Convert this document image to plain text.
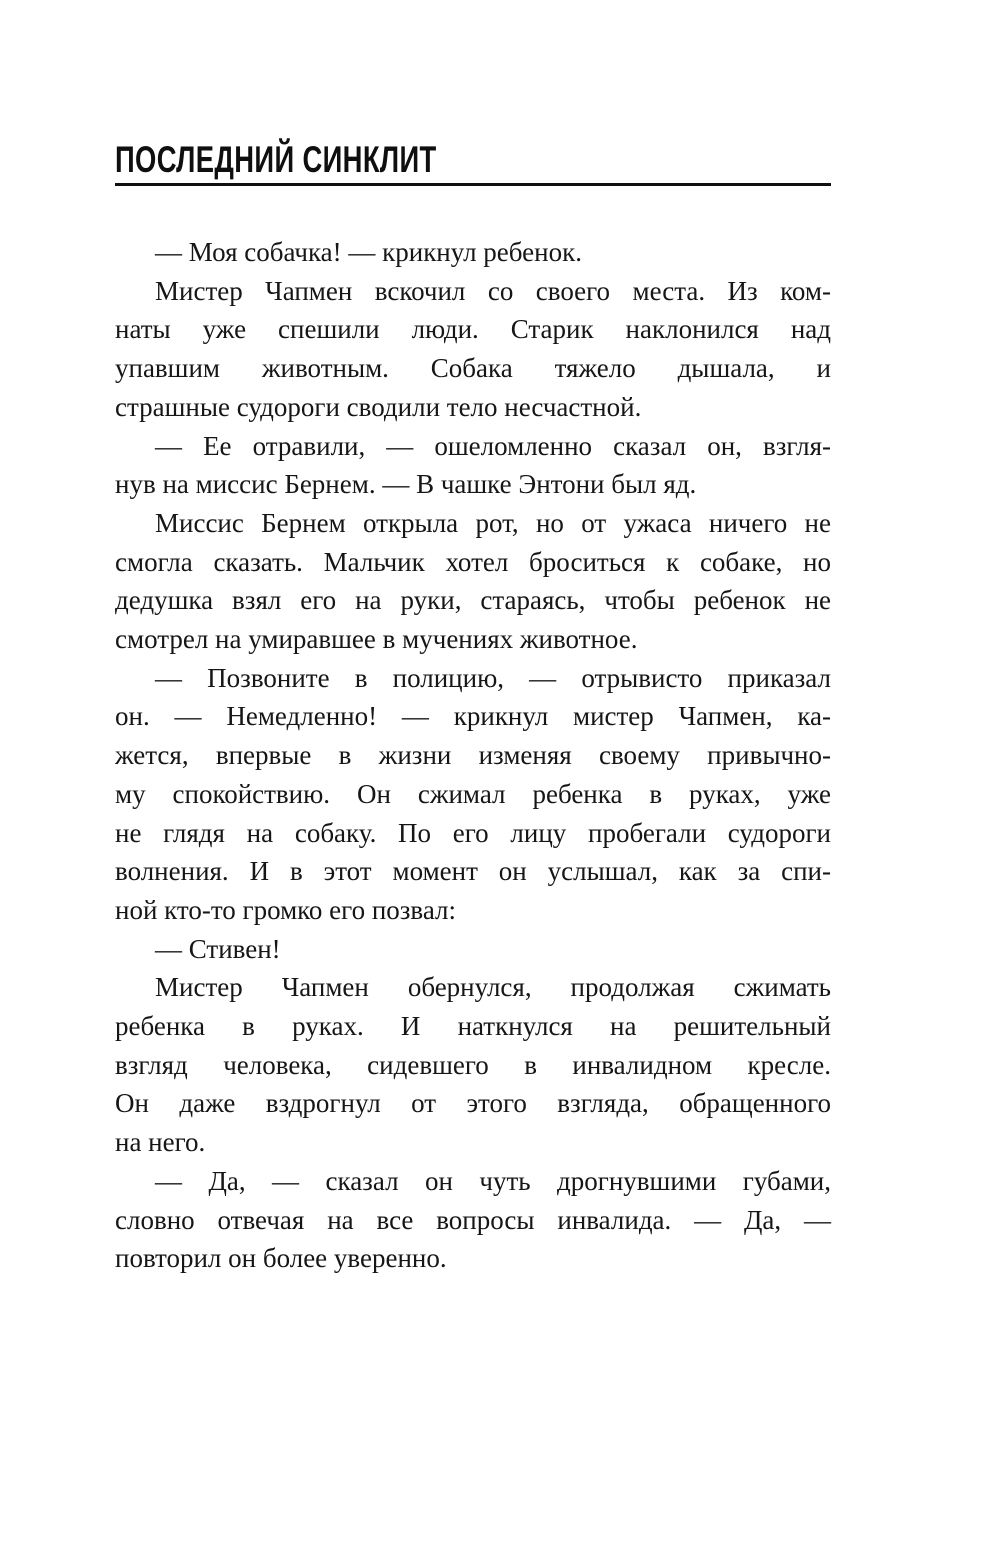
ПОСЛЕДНИЙ СИНКЛИТ
— Моя собачка! — крикнул ребенок.
Мистер Чапмен вскочил со своего места. Из ком-
наты уже спешили люди. Старик наклонился над
упавшим животным. Собака тяжело дышала, и
страшные судороги сводили тело несчастной.
— Ее отравили, — ошеломленно сказал он, взгля-
нув на миссис Бернем. — В чашке Энтони был яд.
Миссис Бернем открыла рот, но от ужаса ничего не
смогла сказать. Мальчик хотел броситься к собаке, но
дедушка взял его на руки, стараясь, чтобы ребенок не
смотрел на умиравшее в мучениях животное.
— Позвоните в полицию, — отрывисто приказал
он. — Немедленно! — крикнул мистер Чапмен, ка-
жется, впервые в жизни изменяя своему привычно-
му спокойствию. Он сжимал ребенка в руках, уже
не глядя на собаку. По его лицу пробегали судороги
волнения. И в этот момент он услышал, как за спи-
ной кто-то громко его позвал:
— Стивен!
Мистер Чапмен обернулся, продолжая сжимать
ребенка в руках. И наткнулся на решительный
взгляд человека, сидевшего в инвалидном кресле.
Он даже вздрогнул от этого взгляда, обращенного
на него.
— Да, — сказал он чуть дрогнувшими губами,
словно отвечая на все вопросы инвалида. — Да, —
повторил он более уверенно.
